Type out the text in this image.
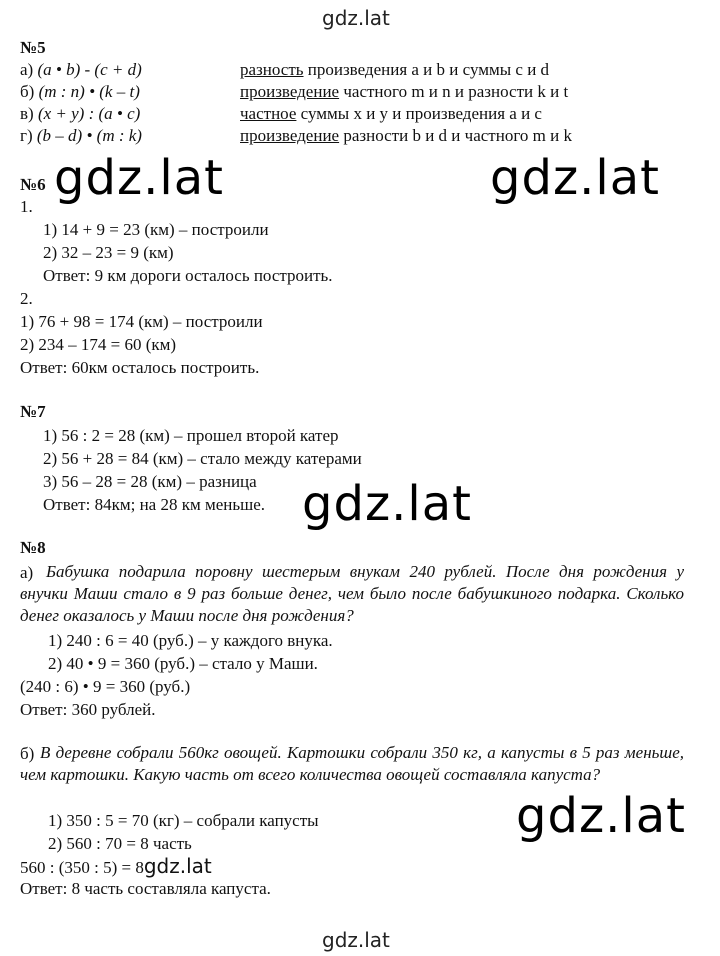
gdz.lat
gdz.lat
№5
а) (a • b) - (c + d)	разность произведения a и b и суммы c и d
б) (m : n) • (k – t)	произведение частного m и n и разности k и t
в) (x + y) : (a • c)	частное суммы x и y и произведения a и c
г) (b – d) • (m : k)	произведение разности b и d и частного m и k
gdz.lat	gdz.lat
№6
1.
1) 14 + 9 = 23 (км) – построили
2) 32 – 23 = 9 (км)
Ответ: 9 км дороги осталось построить.
2.
1) 76 + 98 = 174 (км) – построили
2) 234 – 174 = 60 (км)
Ответ: 60км осталось построить.
№7
1) 56 : 2 = 28 (км) – прошел второй катер
2) 56 + 28 = 84 (км) – стало между катерами
3) 56 – 28 = 28 (км) – разница
Ответ: 84км; на 28 км меньше. gdz.lat
№8
а) Бабушка подарила поровну шестерым внукам 240 рублей. После дня рождения у внучки Маши стало в 9 раз больше денег, чем было после бабушкиного подарка. Сколько денег оказалось у Маши после дня рождения?
1) 240 : 6 = 40 (руб.) – у каждого внука.
2) 40 • 9 = 360 (руб.) – стало у Маши.
(240 : 6) • 9 = 360 (руб.)
Ответ: 360 рублей.
б) В деревне собрали 560кг овощей. Картошки собрали 350 кг, а капусты в 5 раз меньше, чем картошки. Какую часть от всего количества овощей составляла капуста?
1) 350 : 5 = 70 (кг) – собрали капусты
2) 560 : 70 = 8 часть
560 : (350 : 5) = 8gdz.lat
Ответ: 8 часть составляла капуста.
gdz.lat
